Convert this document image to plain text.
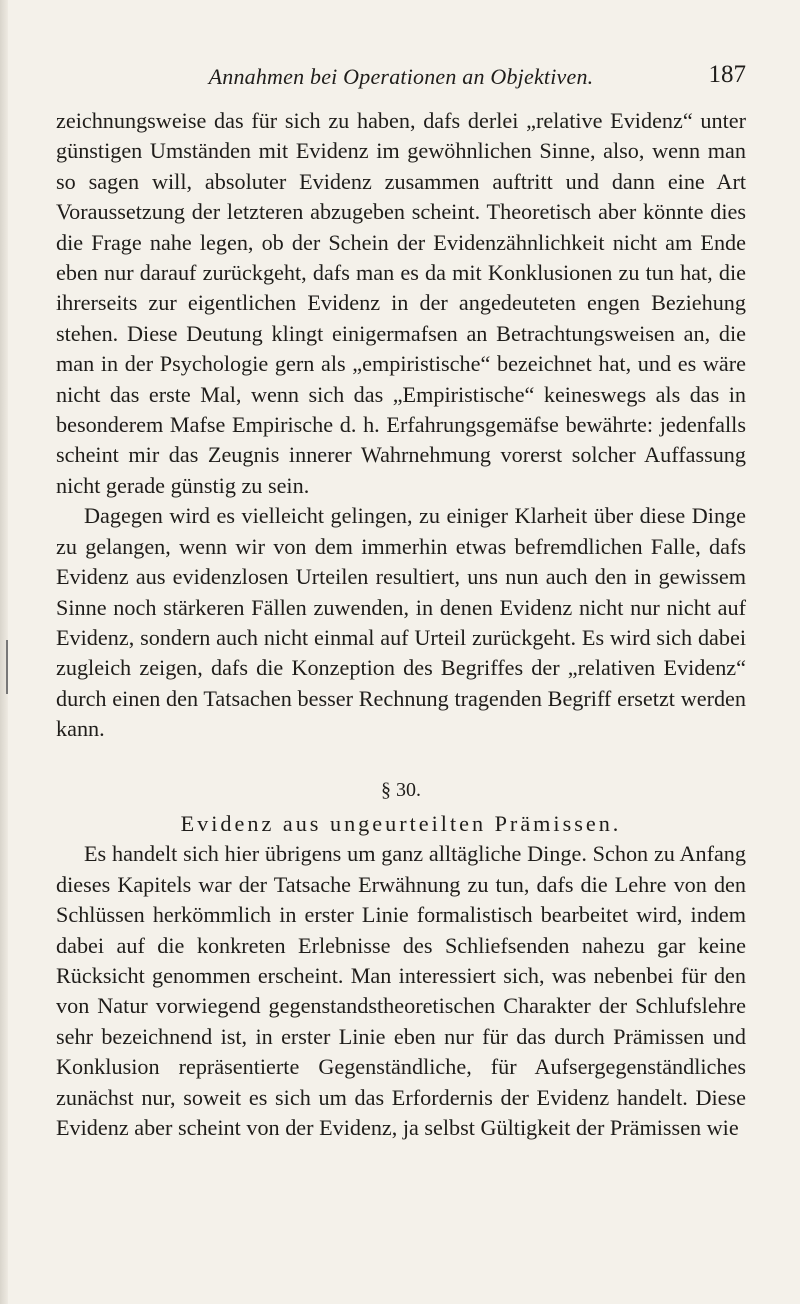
Annahmen bei Operationen an Objektiven.	187

zeichnungsweise das für sich zu haben, dafs derlei „relative Evidenz“ unter günstigen Umständen mit Evidenz im gewöhnlichen Sinne, also, wenn man so sagen will, absoluter Evidenz zusammen auftritt und dann eine Art Voraussetzung der letzteren abzugeben scheint. Theoretisch aber könnte dies die Frage nahe legen, ob der Schein der Evidenzähnlichkeit nicht am Ende eben nur darauf zurückgeht, dafs man es da mit Konklusionen zu tun hat, die ihrerseits zur eigentlichen Evidenz in der angedeuteten engen Beziehung stehen. Diese Deutung klingt einigermafsen an Betrachtungsweisen an, die man in der Psychologie gern als „empiristische“ bezeichnet hat, und es wäre nicht das erste Mal, wenn sich das „Empiristische“ keineswegs als das in besonderem Mafse Empirische d. h. Erfahrungsgemäfse bewährte: jedenfalls scheint mir das Zeugnis innerer Wahrnehmung vorerst solcher Auffassung nicht gerade günstig zu sein.

Dagegen wird es vielleicht gelingen, zu einiger Klarheit über diese Dinge zu gelangen, wenn wir von dem immerhin etwas befremdlichen Falle, dafs Evidenz aus evidenzlosen Urteilen resultiert, uns nun auch den in gewissem Sinne noch stärkeren Fällen zuwenden, in denen Evidenz nicht nur nicht auf Evidenz, sondern auch nicht einmal auf Urteil zurückgeht. Es wird sich dabei zugleich zeigen, dafs die Konzeption des Begriffes der „relativen Evidenz“ durch einen den Tatsachen besser Rechnung tragenden Begriff ersetzt werden kann.

§ 30.

Evidenz aus ungeurteilten Prämissen.

Es handelt sich hier übrigens um ganz alltägliche Dinge. Schon zu Anfang dieses Kapitels war der Tatsache Erwähnung zu tun, dafs die Lehre von den Schlüssen herkömmlich in erster Linie formalistisch bearbeitet wird, indem dabei auf die konkreten Erlebnisse des Schliefsenden nahezu gar keine Rücksicht genommen erscheint. Man interessiert sich, was nebenbei für den von Natur vorwiegend gegenstandstheoretischen Charakter der Schlufslehre sehr bezeichnend ist, in erster Linie eben nur für das durch Prämissen und Konklusion repräsentierte Gegenständliche, für Aufsergegenständliches zunächst nur, soweit es sich um das Erfordernis der Evidenz handelt. Diese Evidenz aber scheint von der Evidenz, ja selbst Gültigkeit der Prämissen wie
